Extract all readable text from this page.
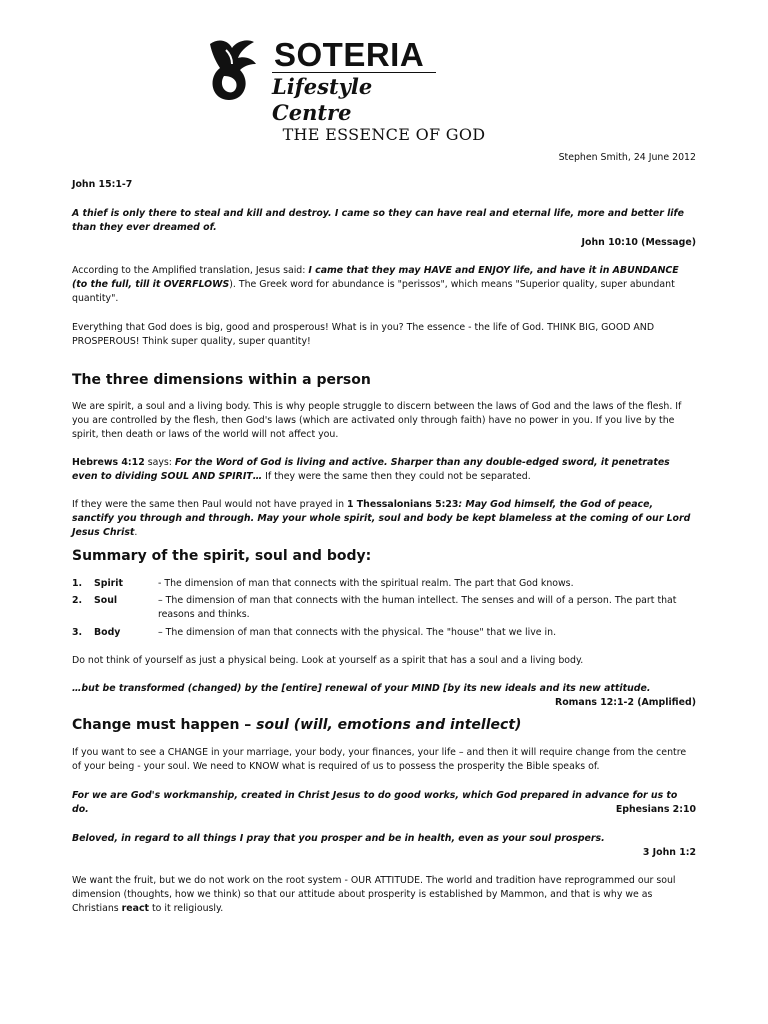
SOTERIA
Lifestyle Centre
THE ESSENCE OF GOD
Stephen Smith, 24 June 2012
John 15:1-7
A thief is only there to steal and kill and destroy. I came so they can have real and eternal life, more and better life than they ever dreamed of.
John 10:10 (Message)
According to the Amplified translation, Jesus said: I came that they may HAVE and ENJOY life, and have it in ABUNDANCE (to the full, till it OVERFLOWS). The Greek word for abundance is "perissos", which means "Superior quality, super abundant quantity".
Everything that God does is big, good and prosperous! What is in you? The essence - the life of God. THINK BIG, GOOD AND PROSPEROUS! Think super quality, super quantity!
The three dimensions within a person
We are spirit, a soul and a living body. This is why people struggle to discern between the laws of God and the laws of the flesh. If you are controlled by the flesh, then God's laws (which are activated only through faith) have no power in you. If you live by the spirit, then death or laws of the world will not affect you.
Hebrews 4:12 says: For the Word of God is living and active. Sharper than any double-edged sword, it penetrates even to dividing SOUL AND SPIRIT… If they were the same then they could not be separated.
If they were the same then Paul would not have prayed in 1 Thessalonians 5:23: May God himself, the God of peace, sanctify you through and through. May your whole spirit, soul and body be kept blameless at the coming of our Lord Jesus Christ.
Summary of the spirit, soul and body:
1. Spirit	- The dimension of man that connects with the spiritual realm. The part that God knows.
2. Soul	– The dimension of man that connects with the human intellect. The senses and will of a person. The part that reasons and thinks.
3. Body	– The dimension of man that connects with the physical. The "house" that we live in.
Do not think of yourself as just a physical being. Look at yourself as a spirit that has a soul and a living body.
…but be transformed (changed) by the [entire] renewal of your MIND [by its new ideals and its new attitude.
Romans 12:1-2 (Amplified)
Change must happen – soul (will, emotions and intellect)
If you want to see a CHANGE in your marriage, your body, your finances, your life – and then it will require change from the centre of your being - your soul. We need to KNOW what is required of us to possess the prosperity the Bible speaks of.
For we are God's workmanship, created in Christ Jesus to do good works, which God prepared in advance for us to do.	Ephesians 2:10
Beloved, in regard to all things I pray that you prosper and be in health, even as your soul prospers.
3 John 1:2
We want the fruit, but we do not work on the root system - OUR ATTITUDE. The world and tradition have reprogrammed our soul dimension (thoughts, how we think) so that our attitude about prosperity is established by Mammon, and that is why we as Christians react to it religiously.
